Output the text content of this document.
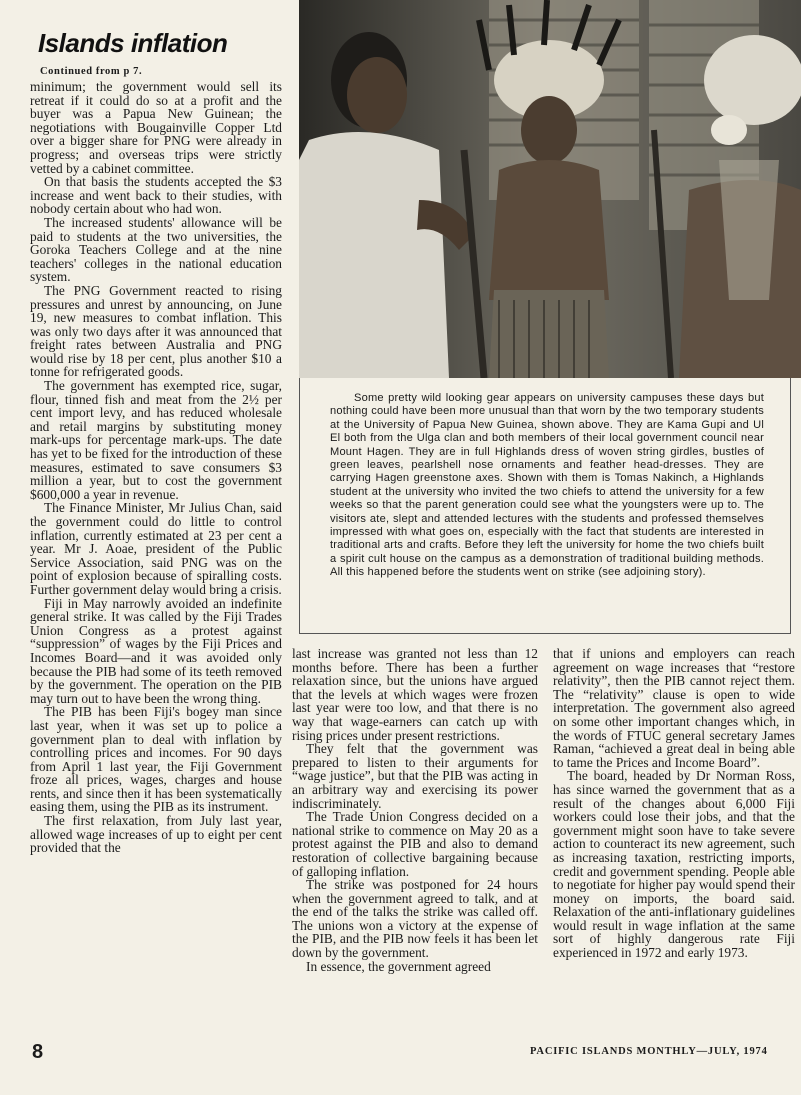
Islands inflation
Continued from p 7.

minimum; the government would sell its retreat if it could do so at a profit and the buyer was a Papua New Guinean; the negotiations with Bougainville Copper Ltd over a bigger share for PNG were already in progress; and overseas trips were strictly vetted by a cabinet committee.

On that basis the students accepted the $3 increase and went back to their studies, with nobody certain about who had won.

The increased students' allowance will be paid to students at the two universities, the Goroka Teachers College and at the nine teachers' colleges in the national education system.

The PNG Government reacted to rising pressures and unrest by announcing, on June 19, new measures to combat inflation. This was only two days after it was announced that freight rates between Australia and PNG would rise by 18 per cent, plus another $10 a tonne for refrigerated goods.

The government has exempted rice, sugar, flour, tinned fish and meat from the 2½ per cent import levy, and has reduced wholesale and retail margins by substituting money mark-ups for percentage mark-ups. The date has yet to be fixed for the introduction of these measures, estimated to save consumers $3 million a year, but to cost the government $600,000 a year in revenue.

The Finance Minister, Mr Julius Chan, said the government could do little to control inflation, currently estimated at 23 per cent a year. Mr J. Aoae, president of the Public Service Association, said PNG was on the point of explosion because of spiralling costs. Further government delay would bring a crisis.

Fiji in May narrowly avoided an indefinite general strike. It was called by the Fiji Trades Union Congress as a protest against “suppression” of wages by the Fiji Prices and Incomes Board—and it was avoided only because the PIB had some of its teeth removed by the government. The operation on the PIB may turn out to have been the wrong thing.

The PIB has been Fiji's bogey man since last year, when it was set up to police a government plan to deal with inflation by controlling prices and incomes. For 90 days from April 1 last year, the Fiji Government froze all prices, wages, charges and house rents, and since then it has been systematically easing them, using the PIB as its instrument.

The first relaxation, from July last year, allowed wage increases of up to eight per cent provided that the

Some pretty wild looking gear appears on university campuses these days but nothing could have been more unusual than that worn by the two temporary students at the University of Papua New Guinea, shown above. They are Kama Gupi and Ul El both from the Ulga clan and both members of their local government council near Mount Hagen. They are in full Highlands dress of woven string girdles, bustles of green leaves, pearlshell nose ornaments and feather head-dresses. They are carrying Hagen greenstone axes. Shown with them is Tomas Nakinch, a Highlands student at the university who invited the two chiefs to attend the university for a few weeks so that the parent generation could see what the youngsters were up to. The visitors ate, slept and attended lectures with the students and professed themselves impressed with what goes on, especially with the fact that students are interested in traditional arts and crafts. Before they left the university for home the two chiefs built a spirit cult house on the campus as a demonstration of traditional building methods. All this happened before the students went on strike (see adjoining story).

last increase was granted not less than 12 months before. There has been a further relaxation since, but the unions have argued that the levels at which wages were frozen last year were too low, and that there is no way that wage-earners can catch up with rising prices under present restrictions.

They felt that the government was prepared to listen to their arguments for “wage justice”, but that the PIB was acting in an arbitrary way and exercising its power indiscriminately.

The Trade Union Congress decided on a national strike to commence on May 20 as a protest against the PIB and also to demand restoration of collective bargaining because of galloping inflation.

The strike was postponed for 24 hours when the government agreed to talk, and at the end of the talks the strike was called off. The unions won a victory at the expense of the PIB, and the PIB now feels it has been let down by the government.

In essence, the government agreed

that if unions and employers can reach agreement on wage increases that “restore relativity”, then the PIB cannot reject them. The “relativity” clause is open to wide interpretation. The government also agreed on some other important changes which, in the words of FTUC general secretary James Raman, “achieved a great deal in being able to tame the Prices and Income Board”.

The board, headed by Dr Norman Ross, has since warned the government that as a result of the changes about 6,000 Fiji workers could lose their jobs, and that the government might soon have to take severe action to counteract its new agreement, such as increasing taxation, restricting imports, credit and government spending. People able to negotiate for higher pay would spend their money on imports, the board said. Relaxation of the anti-inflationary guidelines would result in wage inflation at the same sort of highly dangerous rate Fiji experienced in 1972 and early 1973.

8	PACIFIC ISLANDS MONTHLY—JULY, 1974
